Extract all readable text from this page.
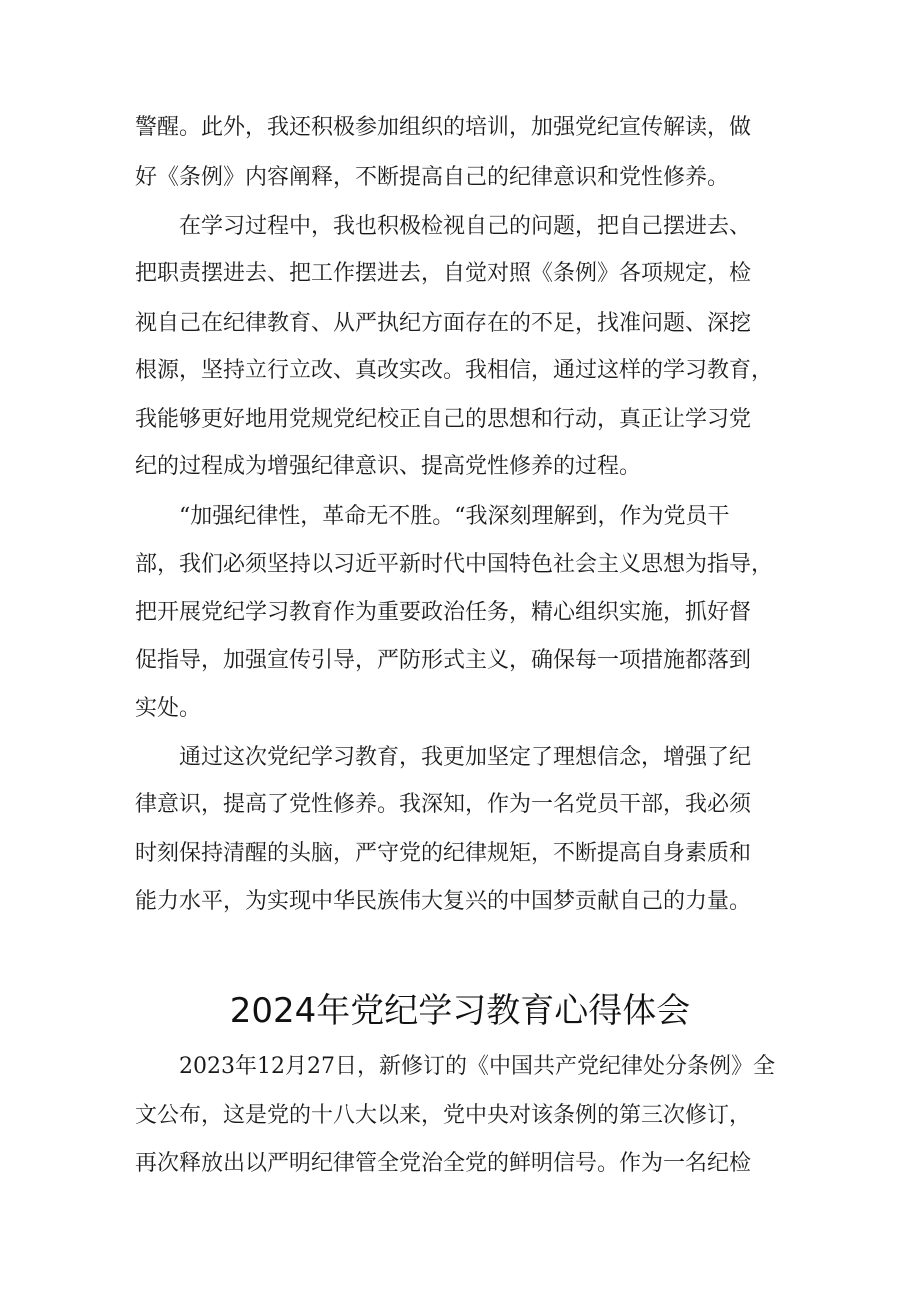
警醒。此外，我还积极参加组织的培训，加强党纪宣传解读，做
好《条例》内容阐释，不断提高自己的纪律意识和党性修养。
　　在学习过程中，我也积极检视自己的问题，把自己摆进去、
把职责摆进去、把工作摆进去，自觉对照《条例》各项规定，检
视自己在纪律教育、从严执纪方面存在的不足，找准问题、深挖
根源，坚持立行立改、真改实改。我相信，通过这样的学习教育，
我能够更好地用党规党纪校正自己的思想和行动，真正让学习党
纪的过程成为增强纪律意识、提高党性修养的过程。
　　“加强纪律性，革命无不胜。“我深刻理解到，作为党员干
部，我们必须坚持以习近平新时代中国特色社会主义思想为指导，
把开展党纪学习教育作为重要政治任务，精心组织实施，抓好督
促指导，加强宣传引导，严防形式主义，确保每一项措施都落到
实处。
　　通过这次党纪学习教育，我更加坚定了理想信念，增强了纪
律意识，提高了党性修养。我深知，作为一名党员干部，我必须
时刻保持清醒的头脑，严守党的纪律规矩，不断提高自身素质和
能力水平，为实现中华民族伟大复兴的中国梦贡献自己的力量。
2024年党纪学习教育心得体会
　　2023年12月27日，新修订的《中国共产党纪律处分条例》全
文公布，这是党的十八大以来，党中央对该条例的第三次修订，
再次释放出以严明纪律管全党治全党的鲜明信号。作为一名纪检
